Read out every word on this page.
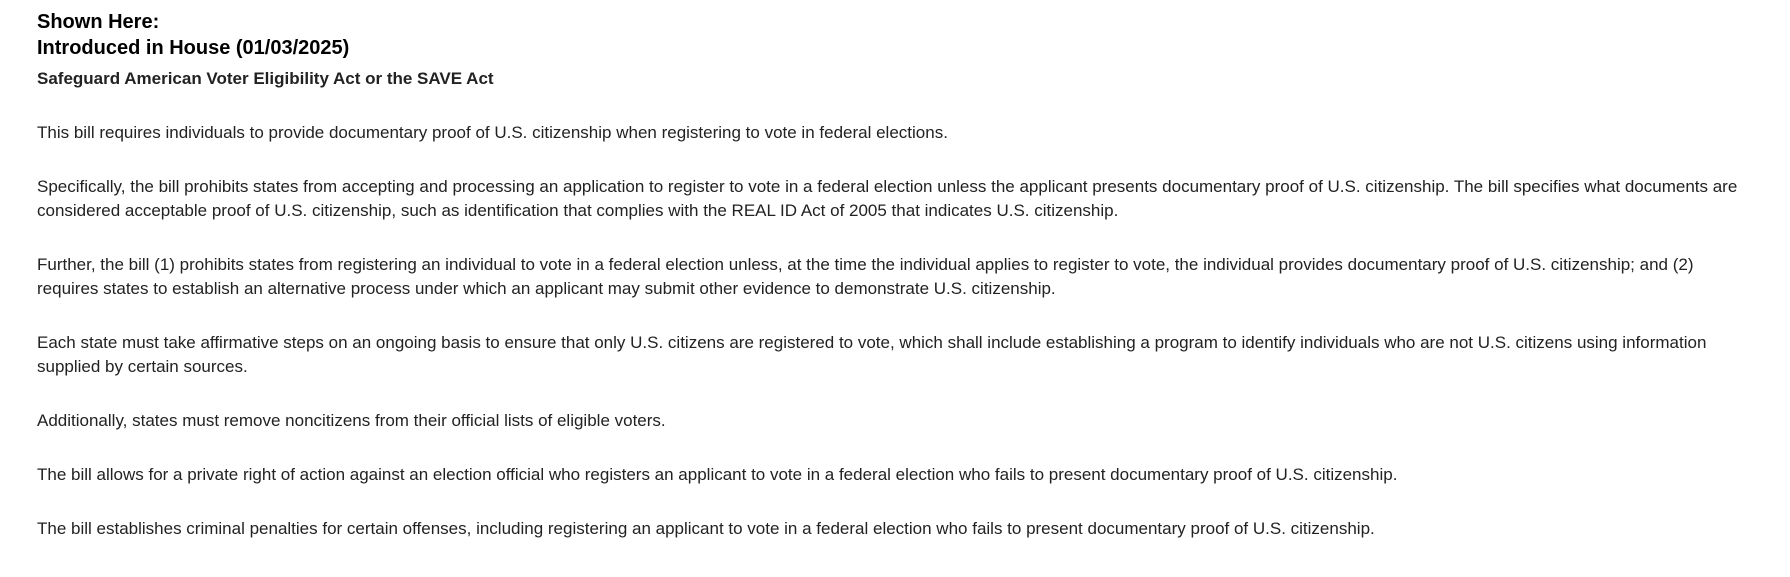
Shown Here:
Introduced in House (01/03/2025)

Safeguard American Voter Eligibility Act or the SAVE Act

This bill requires individuals to provide documentary proof of U.S. citizenship when registering to vote in federal elections.

Specifically, the bill prohibits states from accepting and processing an application to register to vote in a federal election unless the applicant presents documentary proof of U.S. citizenship. The bill specifies what documents are considered acceptable proof of U.S. citizenship, such as identification that complies with the REAL ID Act of 2005 that indicates U.S. citizenship.

Further, the bill (1) prohibits states from registering an individual to vote in a federal election unless, at the time the individual applies to register to vote, the individual provides documentary proof of U.S. citizenship; and (2) requires states to establish an alternative process under which an applicant may submit other evidence to demonstrate U.S. citizenship.

Each state must take affirmative steps on an ongoing basis to ensure that only U.S. citizens are registered to vote, which shall include establishing a program to identify individuals who are not U.S. citizens using information supplied by certain sources.

Additionally, states must remove noncitizens from their official lists of eligible voters.

The bill allows for a private right of action against an election official who registers an applicant to vote in a federal election who fails to present documentary proof of U.S. citizenship.

The bill establishes criminal penalties for certain offenses, including registering an applicant to vote in a federal election who fails to present documentary proof of U.S. citizenship.
